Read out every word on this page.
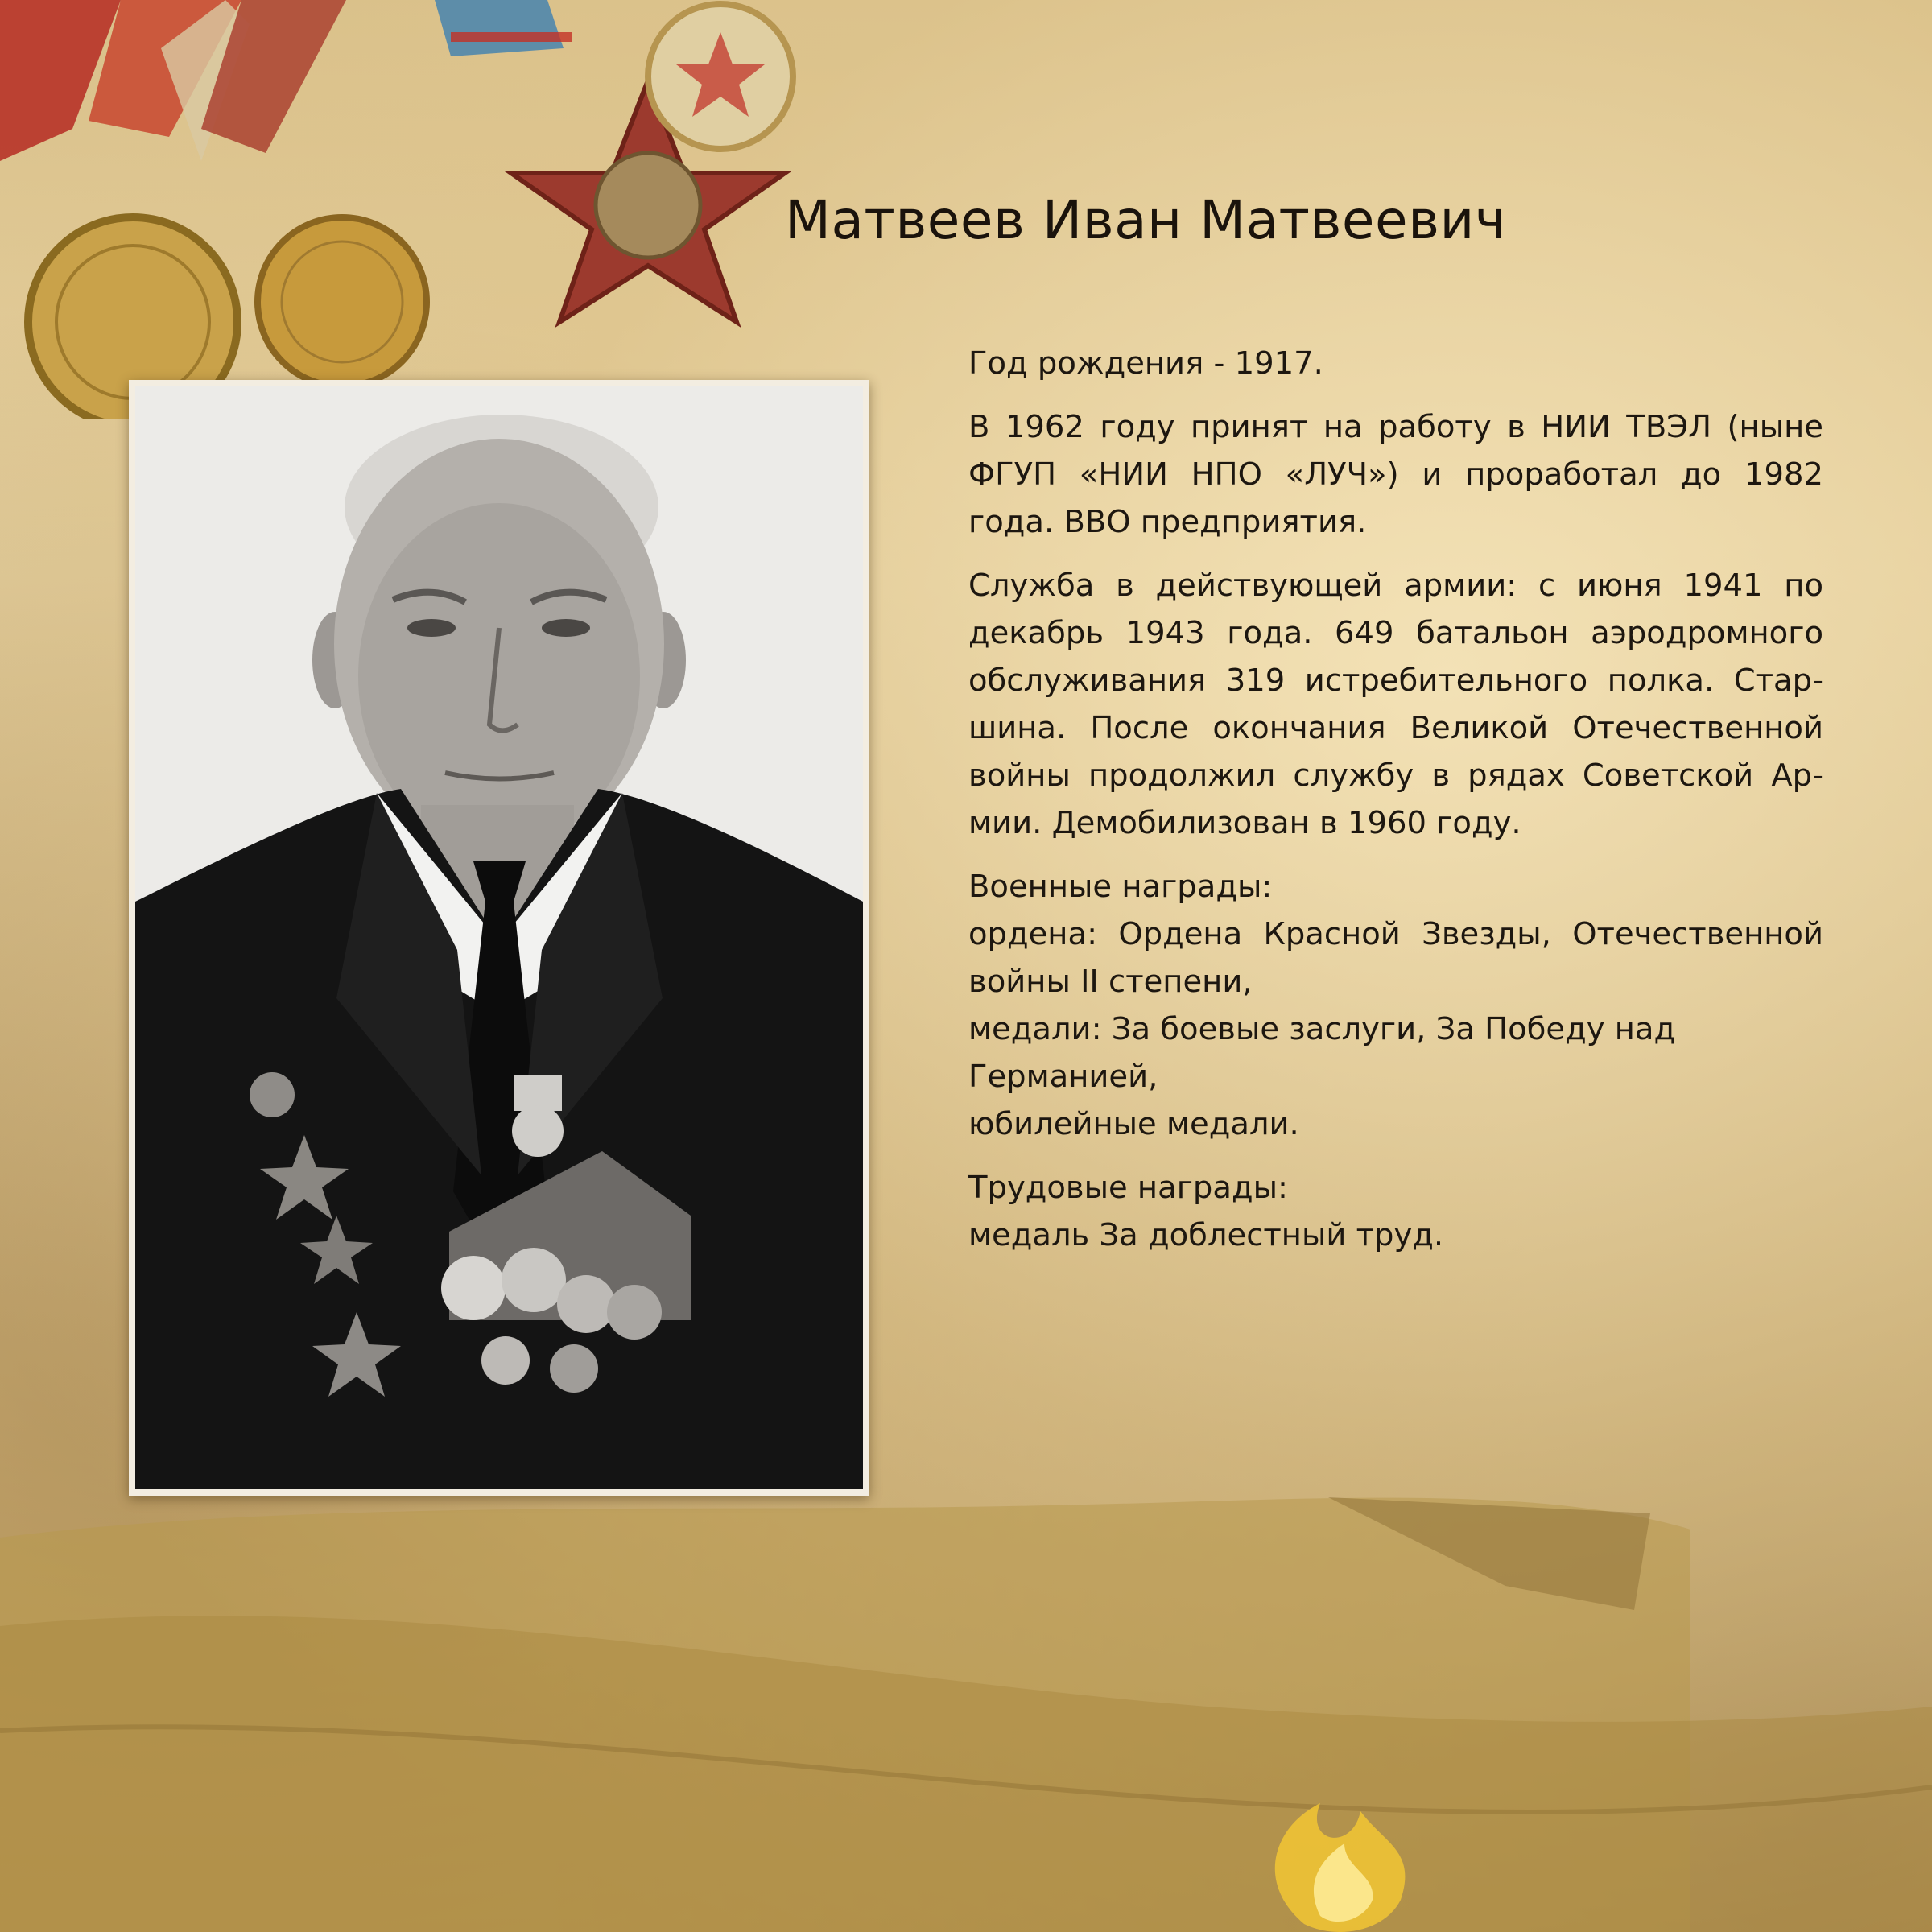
Матвеев Иван Матвеевич

Год рождения - 1917.

В 1962 году принят на работу в НИИ ТВЭЛ (ныне ФГУП «НИИ НПО «ЛУЧ») и проработал до 1982 года. ВВО предприятия.

Служба в действующей армии: с июня 1941 по декабрь 1943 года. 649 батальон аэродромного обслуживания 319 истребительного полка. Старшина. После окончания Великой Отечественной войны продолжил службу в рядах Советской Армии. Демобилизован в 1960 году.

Военные награды:
ордена: Ордена Красной Звезды, Отечественной
войны II степени,
медали: За боевые заслуги, За Победу над
Германией,
юбилейные медали.

Трудовые награды:
медаль За доблестный труд.
